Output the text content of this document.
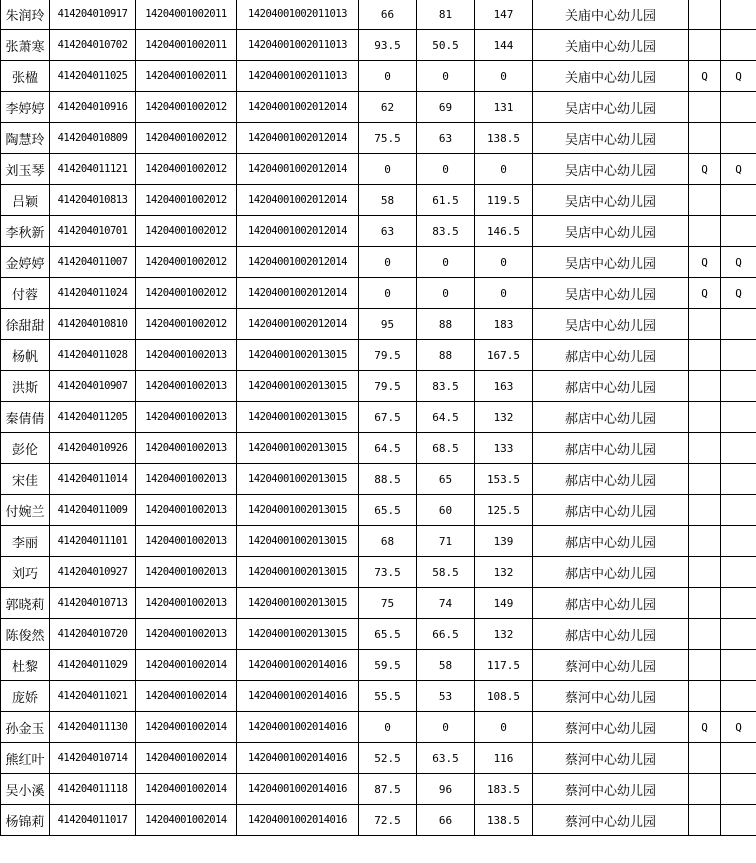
朱润玲	414204010917	14204001002011	14204001002011013	66	81	147	关庙中心幼儿园		
张萧寒	414204010702	14204001002011	14204001002011013	93.5	50.5	144	关庙中心幼儿园		
张楹	414204011025	14204001002011	14204001002011013	0	0	0	关庙中心幼儿园	Q	Q
李婷婷	414204010916	14204001002012	14204001002012014	62	69	131	吴店中心幼儿园		
陶慧玲	414204010809	14204001002012	14204001002012014	75.5	63	138.5	吴店中心幼儿园		
刘玉琴	414204011121	14204001002012	14204001002012014	0	0	0	吴店中心幼儿园	Q	Q
吕颖	414204010813	14204001002012	14204001002012014	58	61.5	119.5	吴店中心幼儿园		
李秋新	414204010701	14204001002012	14204001002012014	63	83.5	146.5	吴店中心幼儿园		
金婷婷	414204011007	14204001002012	14204001002012014	0	0	0	吴店中心幼儿园	Q	Q
付蓉	414204011024	14204001002012	14204001002012014	0	0	0	吴店中心幼儿园	Q	Q
徐甜甜	414204010810	14204001002012	14204001002012014	95	88	183	吴店中心幼儿园		
杨帆	414204011028	14204001002013	14204001002013015	79.5	88	167.5	郝店中心幼儿园		
洪斯	414204010907	14204001002013	14204001002013015	79.5	83.5	163	郝店中心幼儿园		
秦倩倩	414204011205	14204001002013	14204001002013015	67.5	64.5	132	郝店中心幼儿园		
彭伦	414204010926	14204001002013	14204001002013015	64.5	68.5	133	郝店中心幼儿园		
宋佳	414204011014	14204001002013	14204001002013015	88.5	65	153.5	郝店中心幼儿园		
付婉兰	414204011009	14204001002013	14204001002013015	65.5	60	125.5	郝店中心幼儿园		
李丽	414204011101	14204001002013	14204001002013015	68	71	139	郝店中心幼儿园		
刘巧	414204010927	14204001002013	14204001002013015	73.5	58.5	132	郝店中心幼儿园		
郭晓莉	414204010713	14204001002013	14204001002013015	75	74	149	郝店中心幼儿园		
陈俊然	414204010720	14204001002013	14204001002013015	65.5	66.5	132	郝店中心幼儿园		
杜黎	414204011029	14204001002014	14204001002014016	59.5	58	117.5	蔡河中心幼儿园		
庞娇	414204011021	14204001002014	14204001002014016	55.5	53	108.5	蔡河中心幼儿园		
孙金玉	414204011130	14204001002014	14204001002014016	0	0	0	蔡河中心幼儿园	Q	Q
熊红叶	414204010714	14204001002014	14204001002014016	52.5	63.5	116	蔡河中心幼儿园		
吴小溪	414204011118	14204001002014	14204001002014016	87.5	96	183.5	蔡河中心幼儿园		
杨锦莉	414204011017	14204001002014	14204001002014016	72.5	66	138.5	蔡河中心幼儿园		
